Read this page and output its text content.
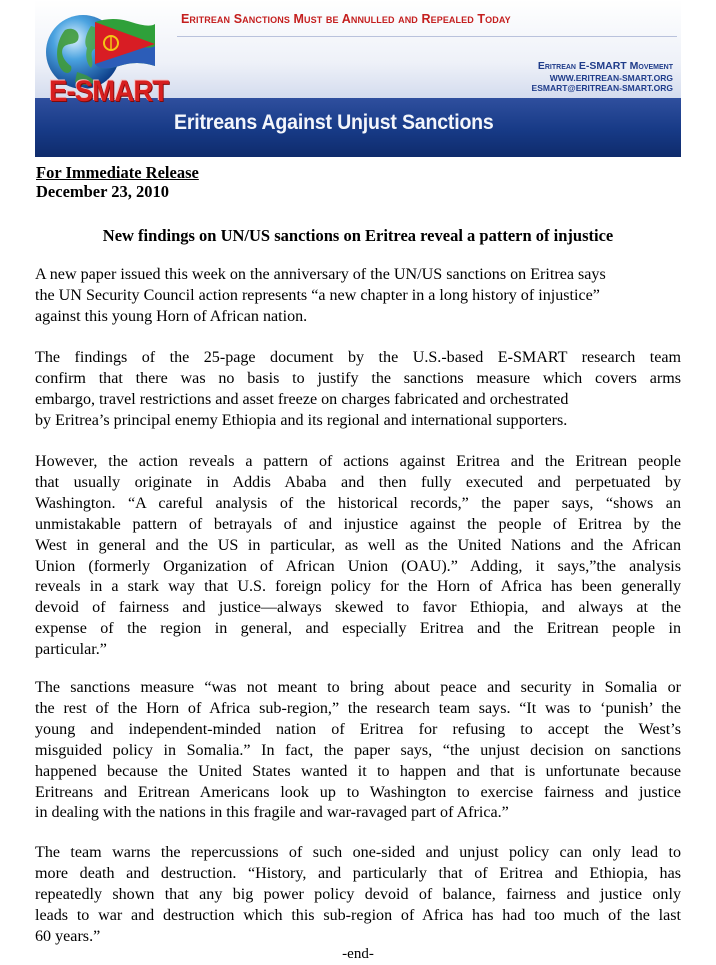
E-SMART
Eritrean Sanctions Must be Annulled and Repealed Today
Eritrean E-SMART Movement
WWW.ERITREAN-SMART.ORG
ESMART@ERITREAN-SMART.ORG
Eritreans Against Unjust Sanctions
For Immediate Release
December 23, 2010
New findings on UN/US sanctions on Eritrea reveal a pattern of injustice
A new paper issued this week on the anniversary of the UN/US sanctions on Eritrea says
the UN Security Council action represents “a new chapter in a long history of injustice”
against this young Horn of African nation.
The findings of the 25-page document by the U.S.-based E-SMART research team
confirm that there was no basis to justify the sanctions measure which covers arms
embargo, travel restrictions and asset freeze on charges fabricated and orchestrated
by Eritrea’s principal enemy Ethiopia and its regional and international supporters.
However, the action reveals a pattern of actions against Eritrea and the Eritrean people
that usually originate in Addis Ababa and then fully executed and perpetuated by
Washington. “A careful analysis of the historical records,” the paper says, “shows an
unmistakable pattern of betrayals of and injustice against the people of Eritrea by the
West in general and the US in particular, as well as the United Nations and the African
Union (formerly Organization of African Union (OAU).” Adding, it says,”the analysis
reveals in a stark way that U.S. foreign policy for the Horn of Africa has been generally
devoid of fairness and justice—always skewed to favor Ethiopia, and always at the
expense of the region in general, and especially Eritrea and the Eritrean people in
particular.”
The sanctions measure “was not meant to bring about peace and security in Somalia or
the rest of the Horn of Africa sub-region,” the research team says. “It was to ‘punish’ the
young and independent-minded nation of Eritrea for refusing to accept the West’s
misguided policy in Somalia.” In fact, the paper says, “the unjust decision on sanctions
happened because the United States wanted it to happen and that is unfortunate because
Eritreans and Eritrean Americans look up to Washington to exercise fairness and justice
in dealing with the nations in this fragile and war-ravaged part of Africa.”
The team warns the repercussions of such one-sided and unjust policy can only lead to
more death and destruction. “History, and particularly that of Eritrea and Ethiopia, has
repeatedly shown that any big power policy devoid of balance, fairness and justice only
leads to war and destruction which this sub-region of Africa has had too much of the last
60 years.”
-end-
